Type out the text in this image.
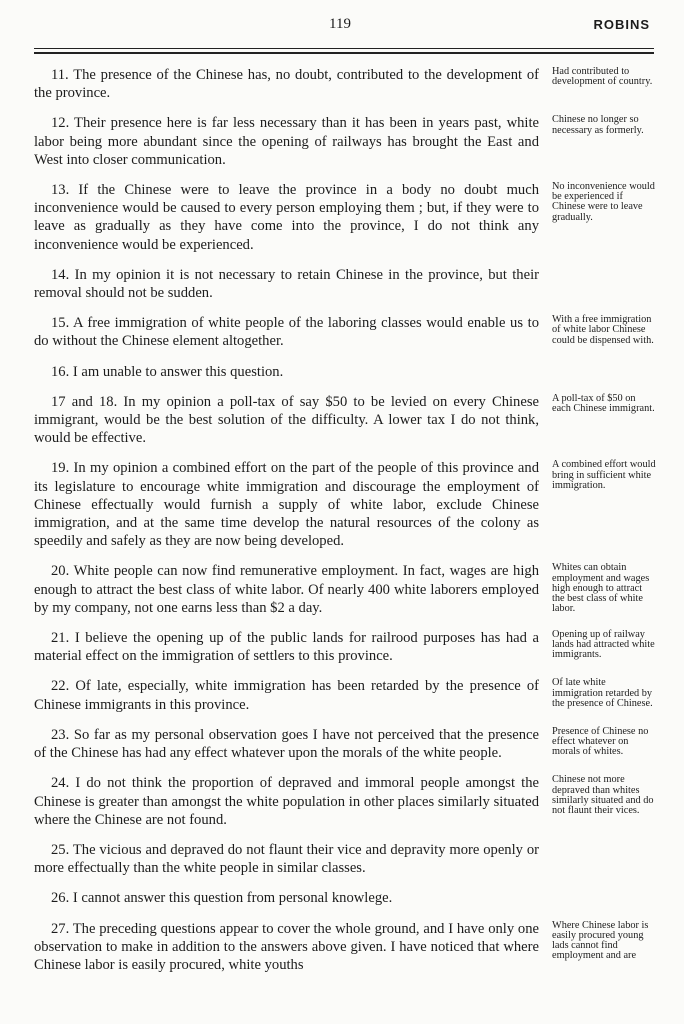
119	ROBINS

11. The presence of the Chinese has, no doubt, contributed to the development of the province.

Had contributed to development of country.

12. Their presence here is far less necessary than it has been in years past, white labor being more abundant since the opening of railways has brought the East and West into closer communication.

Chinese no longer so necessary as formerly.

13. If the Chinese were to leave the province in a body no doubt much inconvenience would be caused to every person employing them ; but, if they were to leave as gradually as they have come into the province, I do not think any inconvenience would be experienced.

No inconvenience would be experienced if Chinese were to leave gradually.

14. In my opinion it is not necessary to retain Chinese in the province, but their removal should not be sudden.

15. A free immigration of white people of the laboring classes would enable us to do without the Chinese element altogether.

With a free immigration of white labor Chinese could be dispensed with.

16. I am unable to answer this question.

17 and 18. In my opinion a poll-tax of say $50 to be levied on every Chinese immigrant, would be the best solution of the difficulty. A lower tax I do not think, would be effective.

A poll-tax of $50 on each Chinese immigrant.

19. In my opinion a combined effort on the part of the people of this province and its legislature to encourage white immigration and discourage the employment of Chinese effectually would furnish a supply of white labor, exclude Chinese immigration, and at the same time develop the natural resources of the colony as speedily and safely as they are now being developed.

A combined effort would bring in sufficient white immigration.

20. White people can now find remunerative employment. In fact, wages are high enough to attract the best class of white labor. Of nearly 400 white laborers employed by my company, not one earns less than $2 a day.

Whites can obtain employment and wages high enough to attract the best class of white labor.

21. I believe the opening up of the public lands for railrood purposes has had a material effect on the immigration of settlers to this province.

Opening up of railway lands had attracted white immigrants.

22. Of late, especially, white immigration has been retarded by the presence of Chinese immigrants in this province.

Of late white immigration retarded by the presence of Chinese.

23. So far as my personal observation goes I have not perceived that the presence of the Chinese has had any effect whatever upon the morals of the white people.

Presence of Chinese no effect whatever on morals of whites.

24. I do not think the proportion of depraved and immoral people amongst the Chinese is greater than amongst the white population in other places similarly situated where the Chinese are not found.

Chinese not more depraved than whites similarly situated and do not flaunt their vices.

25. The vicious and depraved do not flaunt their vice and depravity more openly or more effectually than the white people in similar classes.

26. I cannot answer this question from personal knowlege.

27. The preceding questions appear to cover the whole ground, and I have only one observation to make in addition to the answers above given. I have noticed that where Chinese labor is easily procured, white youths

Where Chinese labor is easily procured young lads cannot find employment and are
